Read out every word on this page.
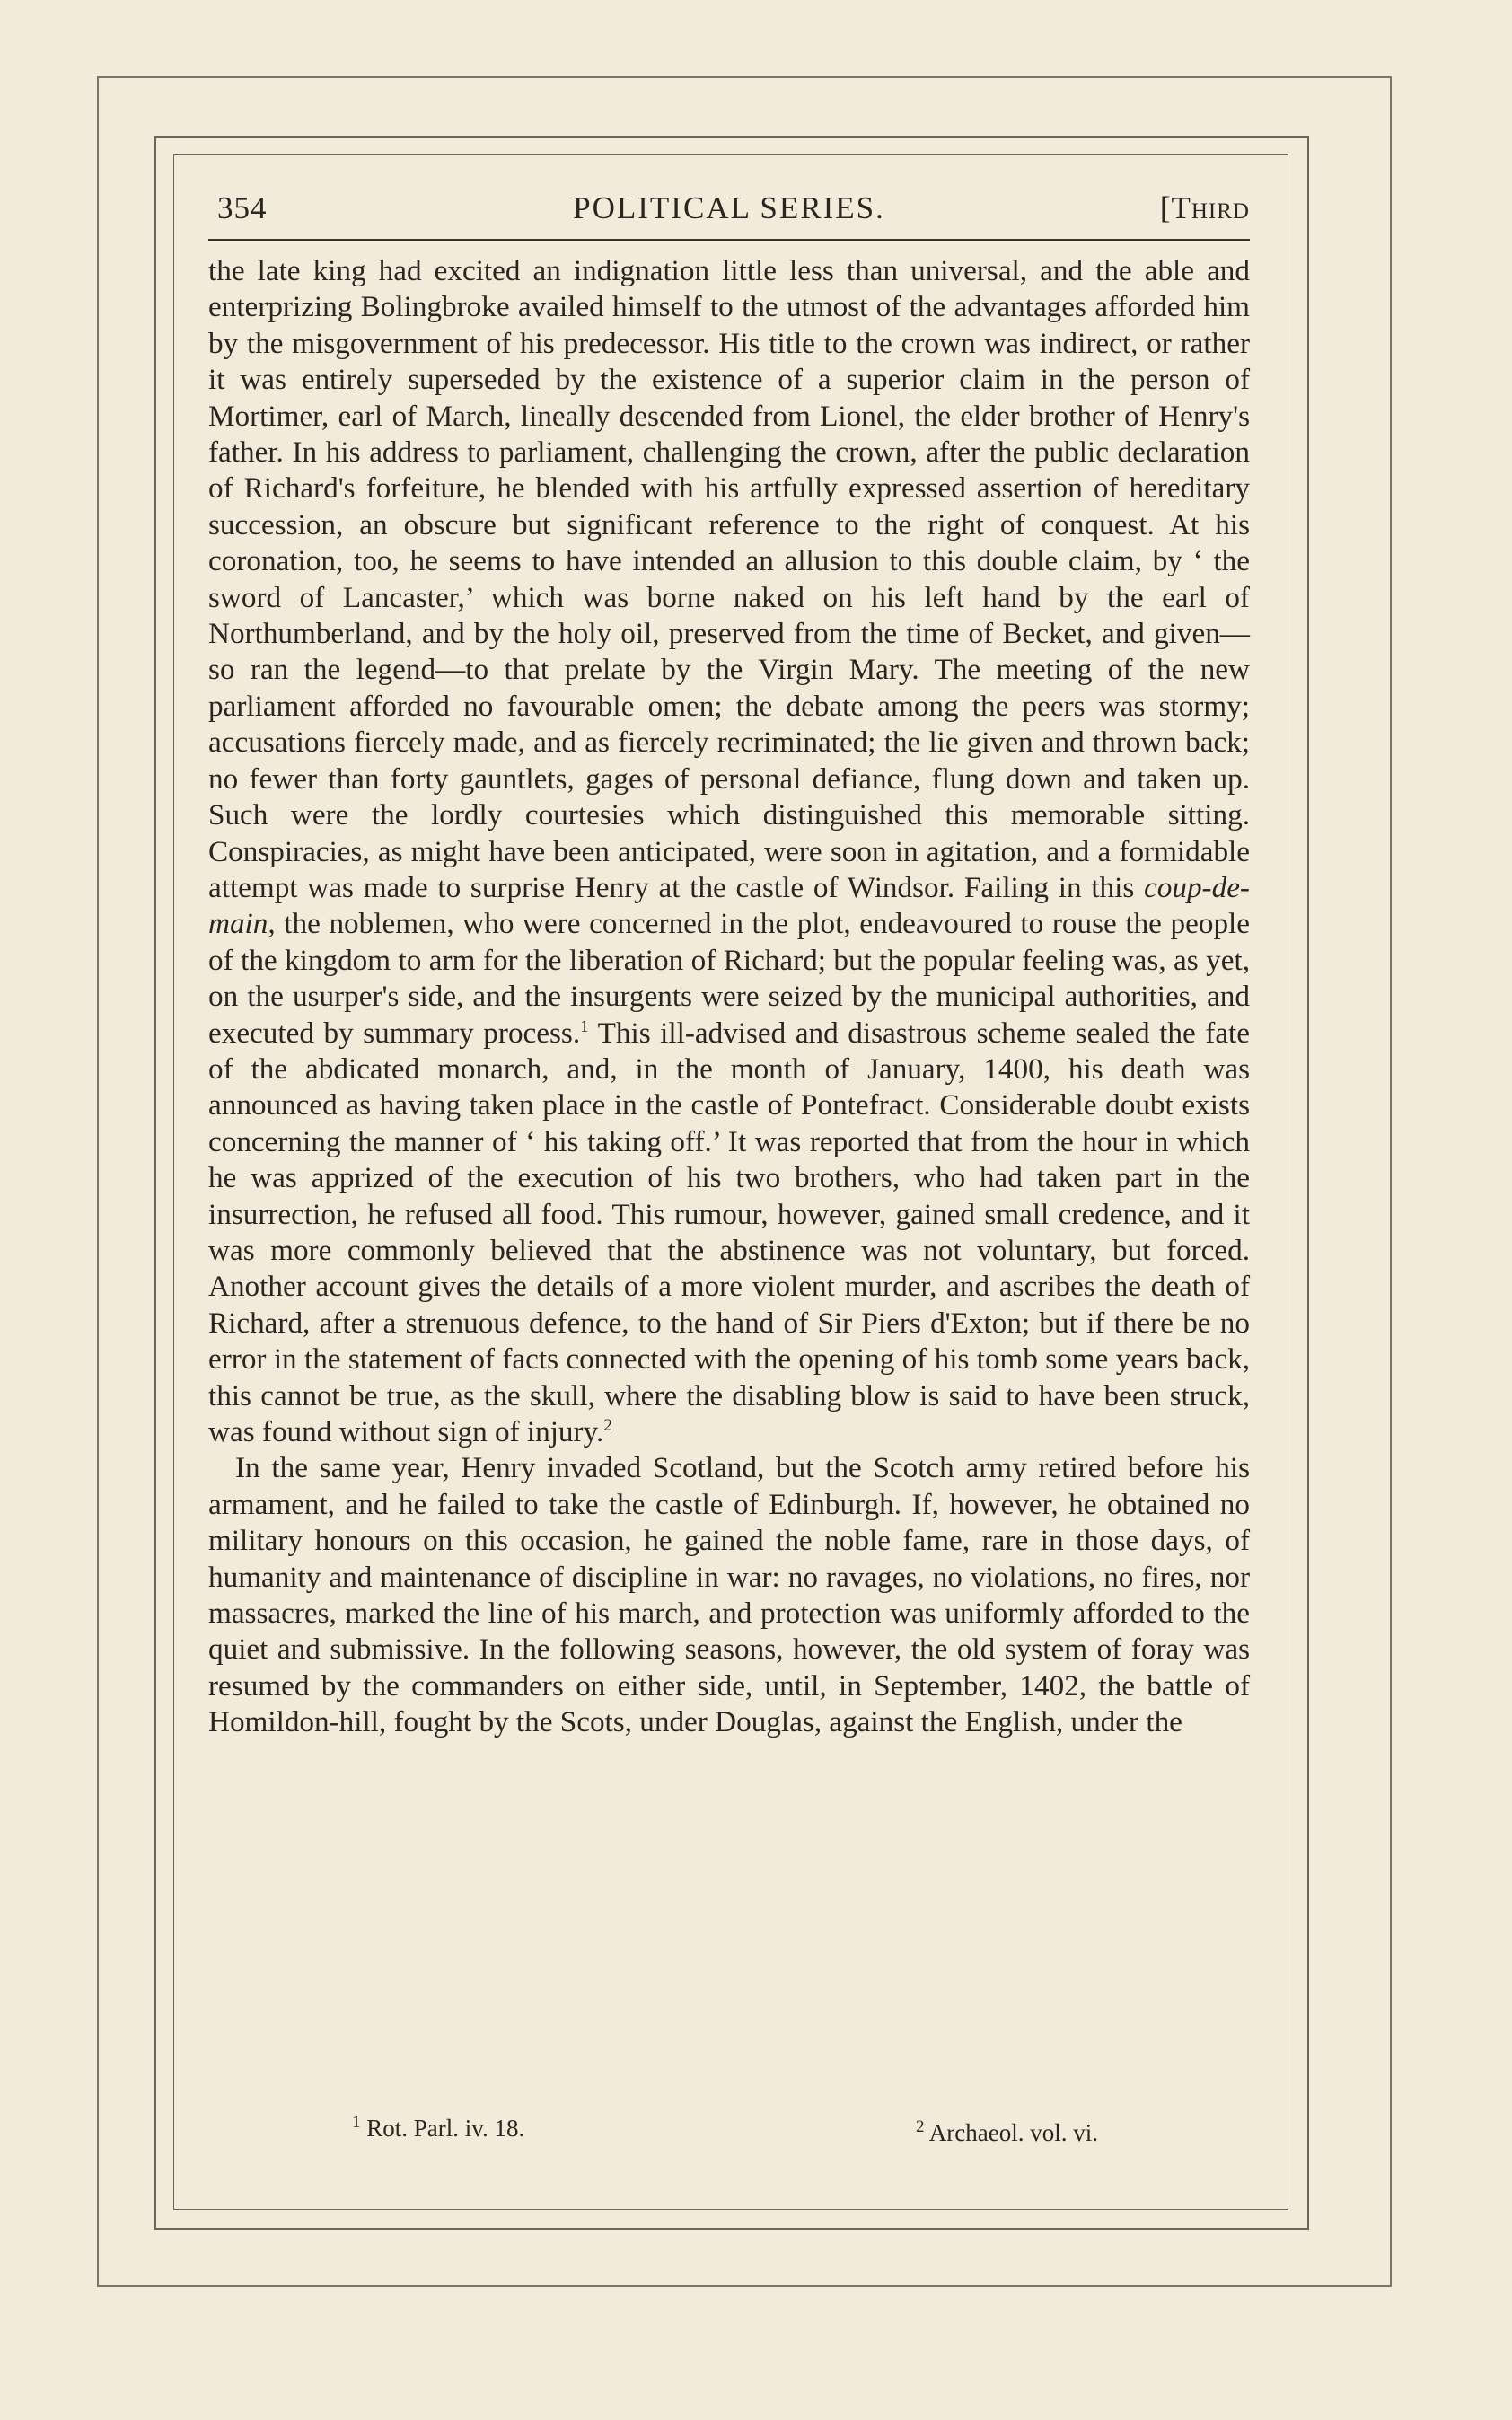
354	POLITICAL SERIES.	[Third

the late king had excited an indignation little less than universal, and the able and enterprizing Bolingbroke availed himself to the utmost of the advantages afforded him by the misgovernment of his predecessor. His title to the crown was indirect, or rather it was entirely superseded by the existence of a superior claim in the person of Mortimer, earl of March, lineally descended from Lionel, the elder brother of Henry's father. In his address to parliament, challenging the crown, after the public declaration of Richard's forfeiture, he blended with his artfully expressed assertion of hereditary succession, an obscure but significant reference to the right of conquest. At his coronation, too, he seems to have intended an allusion to this double claim, by ‘ the sword of Lancaster,’ which was borne naked on his left hand by the earl of Northumberland, and by the holy oil, preserved from the time of Becket, and given—so ran the legend—to that prelate by the Virgin Mary. The meeting of the new parliament afforded no favourable omen; the debate among the peers was stormy; accusations fiercely made, and as fiercely recriminated; the lie given and thrown back; no fewer than forty gauntlets, gages of personal defiance, flung down and taken up. Such were the lordly courtesies which distinguished this memorable sitting. Conspiracies, as might have been anticipated, were soon in agitation, and a formidable attempt was made to surprise Henry at the castle of Windsor. Failing in this coup-de-main, the noblemen, who were concerned in the plot, endeavoured to rouse the people of the kingdom to arm for the liberation of Richard; but the popular feeling was, as yet, on the usurper's side, and the insurgents were seized by the municipal authorities, and executed by summary process.$^1$ This ill-advised and disastrous scheme sealed the fate of the abdicated monarch, and, in the month of January, 1400, his death was announced as having taken place in the castle of Pontefract. Considerable doubt exists concerning the manner of ‘ his taking off.’ It was reported that from the hour in which he was apprized of the execution of his two brothers, who had taken part in the insurrection, he refused all food. This rumour, however, gained small credence, and it was more commonly believed that the abstinence was not voluntary, but forced. Another account gives the details of a more violent murder, and ascribes the death of Richard, after a strenuous defence, to the hand of Sir Piers d'Exton; but if there be no error in the statement of facts connected with the opening of his tomb some years back, this cannot be true, as the skull, where the disabling blow is said to have been struck, was found without sign of injury.$^2$

In the same year, Henry invaded Scotland, but the Scotch army retired before his armament, and he failed to take the castle of Edinburgh. If, however, he obtained no military honours on this occasion, he gained the noble fame, rare in those days, of humanity and maintenance of discipline in war: no ravages, no violations, no fires, nor massacres, marked the line of his march, and protection was uniformly afforded to the quiet and submissive. In the following seasons, however, the old system of foray was resumed by the commanders on either side, until, in September, 1402, the battle of Homildon-hill, fought by the Scots, under Douglas, against the English, under the

$^1$ Rot. Parl. iv. 18.	$^2$ Archaeol. vol. vi.
